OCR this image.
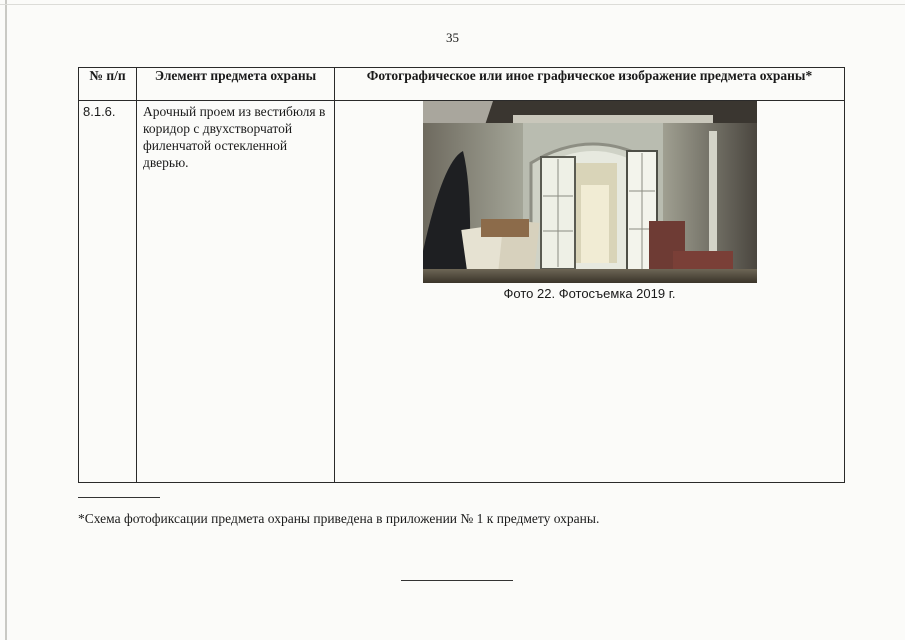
35
№ п/п	Элемент предмета охраны	Фотографическое или иное графическое изображение предмета охраны*
8.1.6.	Арочный проем из вестибюля в коридор с двухстворчатой филенчатой остекленной дверью.	Фото 22. Фотосъемка 2019 г.
*Схема фотофиксации предмета охраны приведена в приложении № 1 к предмету охраны.
